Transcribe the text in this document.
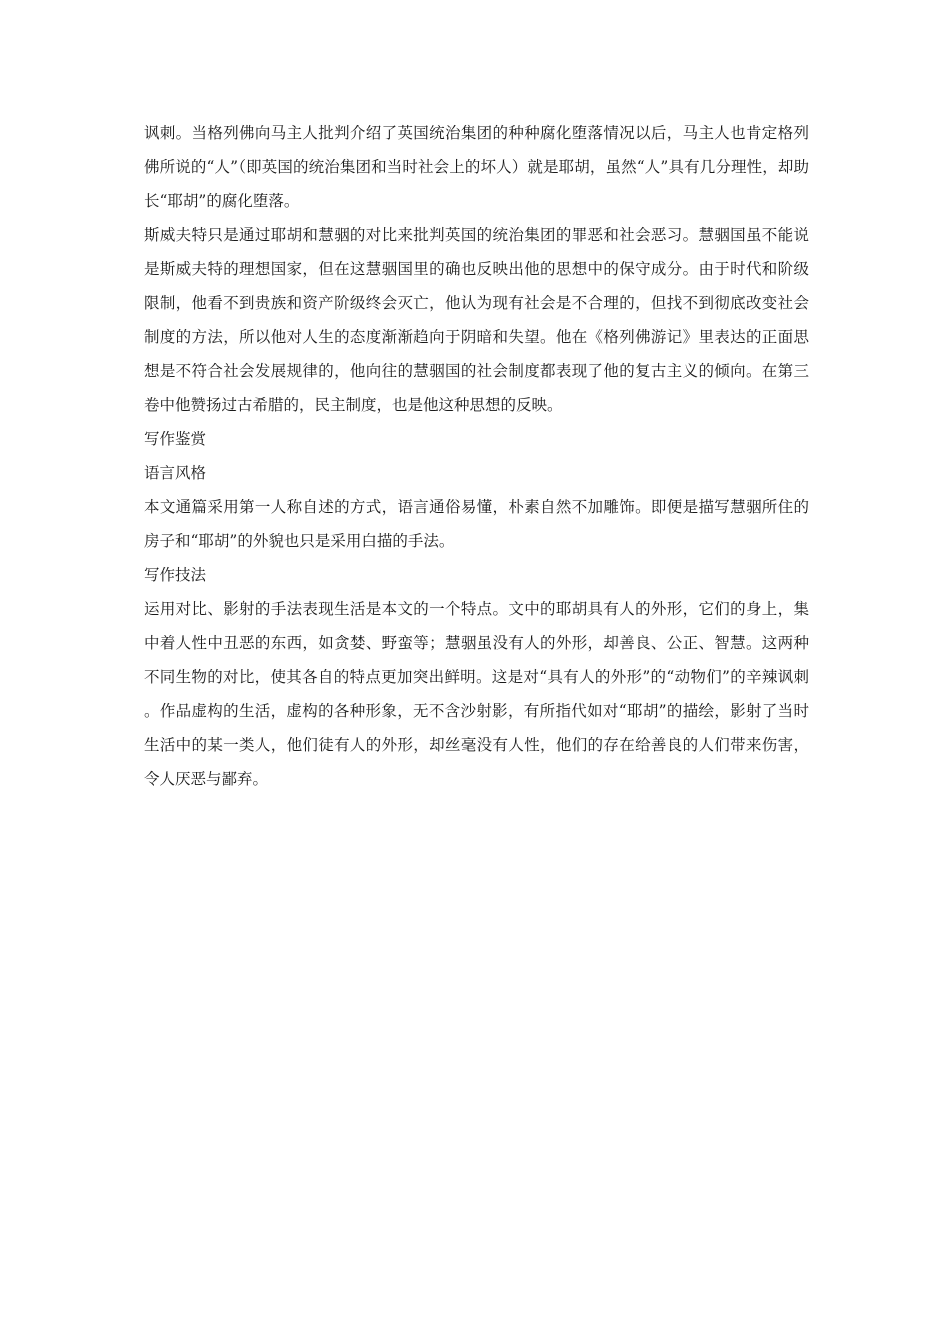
讽刺。当格列佛向马主人批判介绍了英国统治集团的种种腐化堕落情况以后，马主人也肯定格列佛所说的“人”（即英国的统治集团和当时社会上的坏人）就是耶胡，虽然“人”具有几分理性，却助长“耶胡”的腐化堕落。

斯威夫特只是通过耶胡和慧骃的对比来批判英国的统治集团的罪恶和社会恶习。慧骃国虽不能说是斯威夫特的理想国家，但在这慧骃国里的确也反映出他的思想中的保守成分。由于时代和阶级限制，他看不到贵族和资产阶级终会灭亡，他认为现有社会是不合理的，但找不到彻底改变社会制度的方法，所以他对人生的态度渐渐趋向于阴暗和失望。他在《格列佛游记》里表达的正面思想是不符合社会发展规律的，他向往的慧骃国的社会制度都表现了他的复古主义的倾向。在第三卷中他赞扬过古希腊的，民主制度，也是他这种思想的反映。

写作鉴赏

语言风格

本文通篇采用第一人称自述的方式，语言通俗易懂，朴素自然不加雕饰。即便是描写慧骃所住的房子和“耶胡”的外貌也只是采用白描的手法。

写作技法

运用对比、影射的手法表现生活是本文的一个特点。文中的耶胡具有人的外形，它们的身上，集中着人性中丑恶的东西，如贪婪、野蛮等；慧骃虽没有人的外形，却善良、公正、智慧。这两种不同生物的对比，使其各自的特点更加突出鲜明。这是对“具有人的外形”的“动物们”的辛辣讽刺。作品虚构的生活，虚构的各种形象，无不含沙射影，有所指代如对“耶胡”的描绘，影射了当时生活中的某一类人，他们徒有人的外形，却丝毫没有人性，他们的存在给善良的人们带来伤害，令人厌恶与鄙弃。
